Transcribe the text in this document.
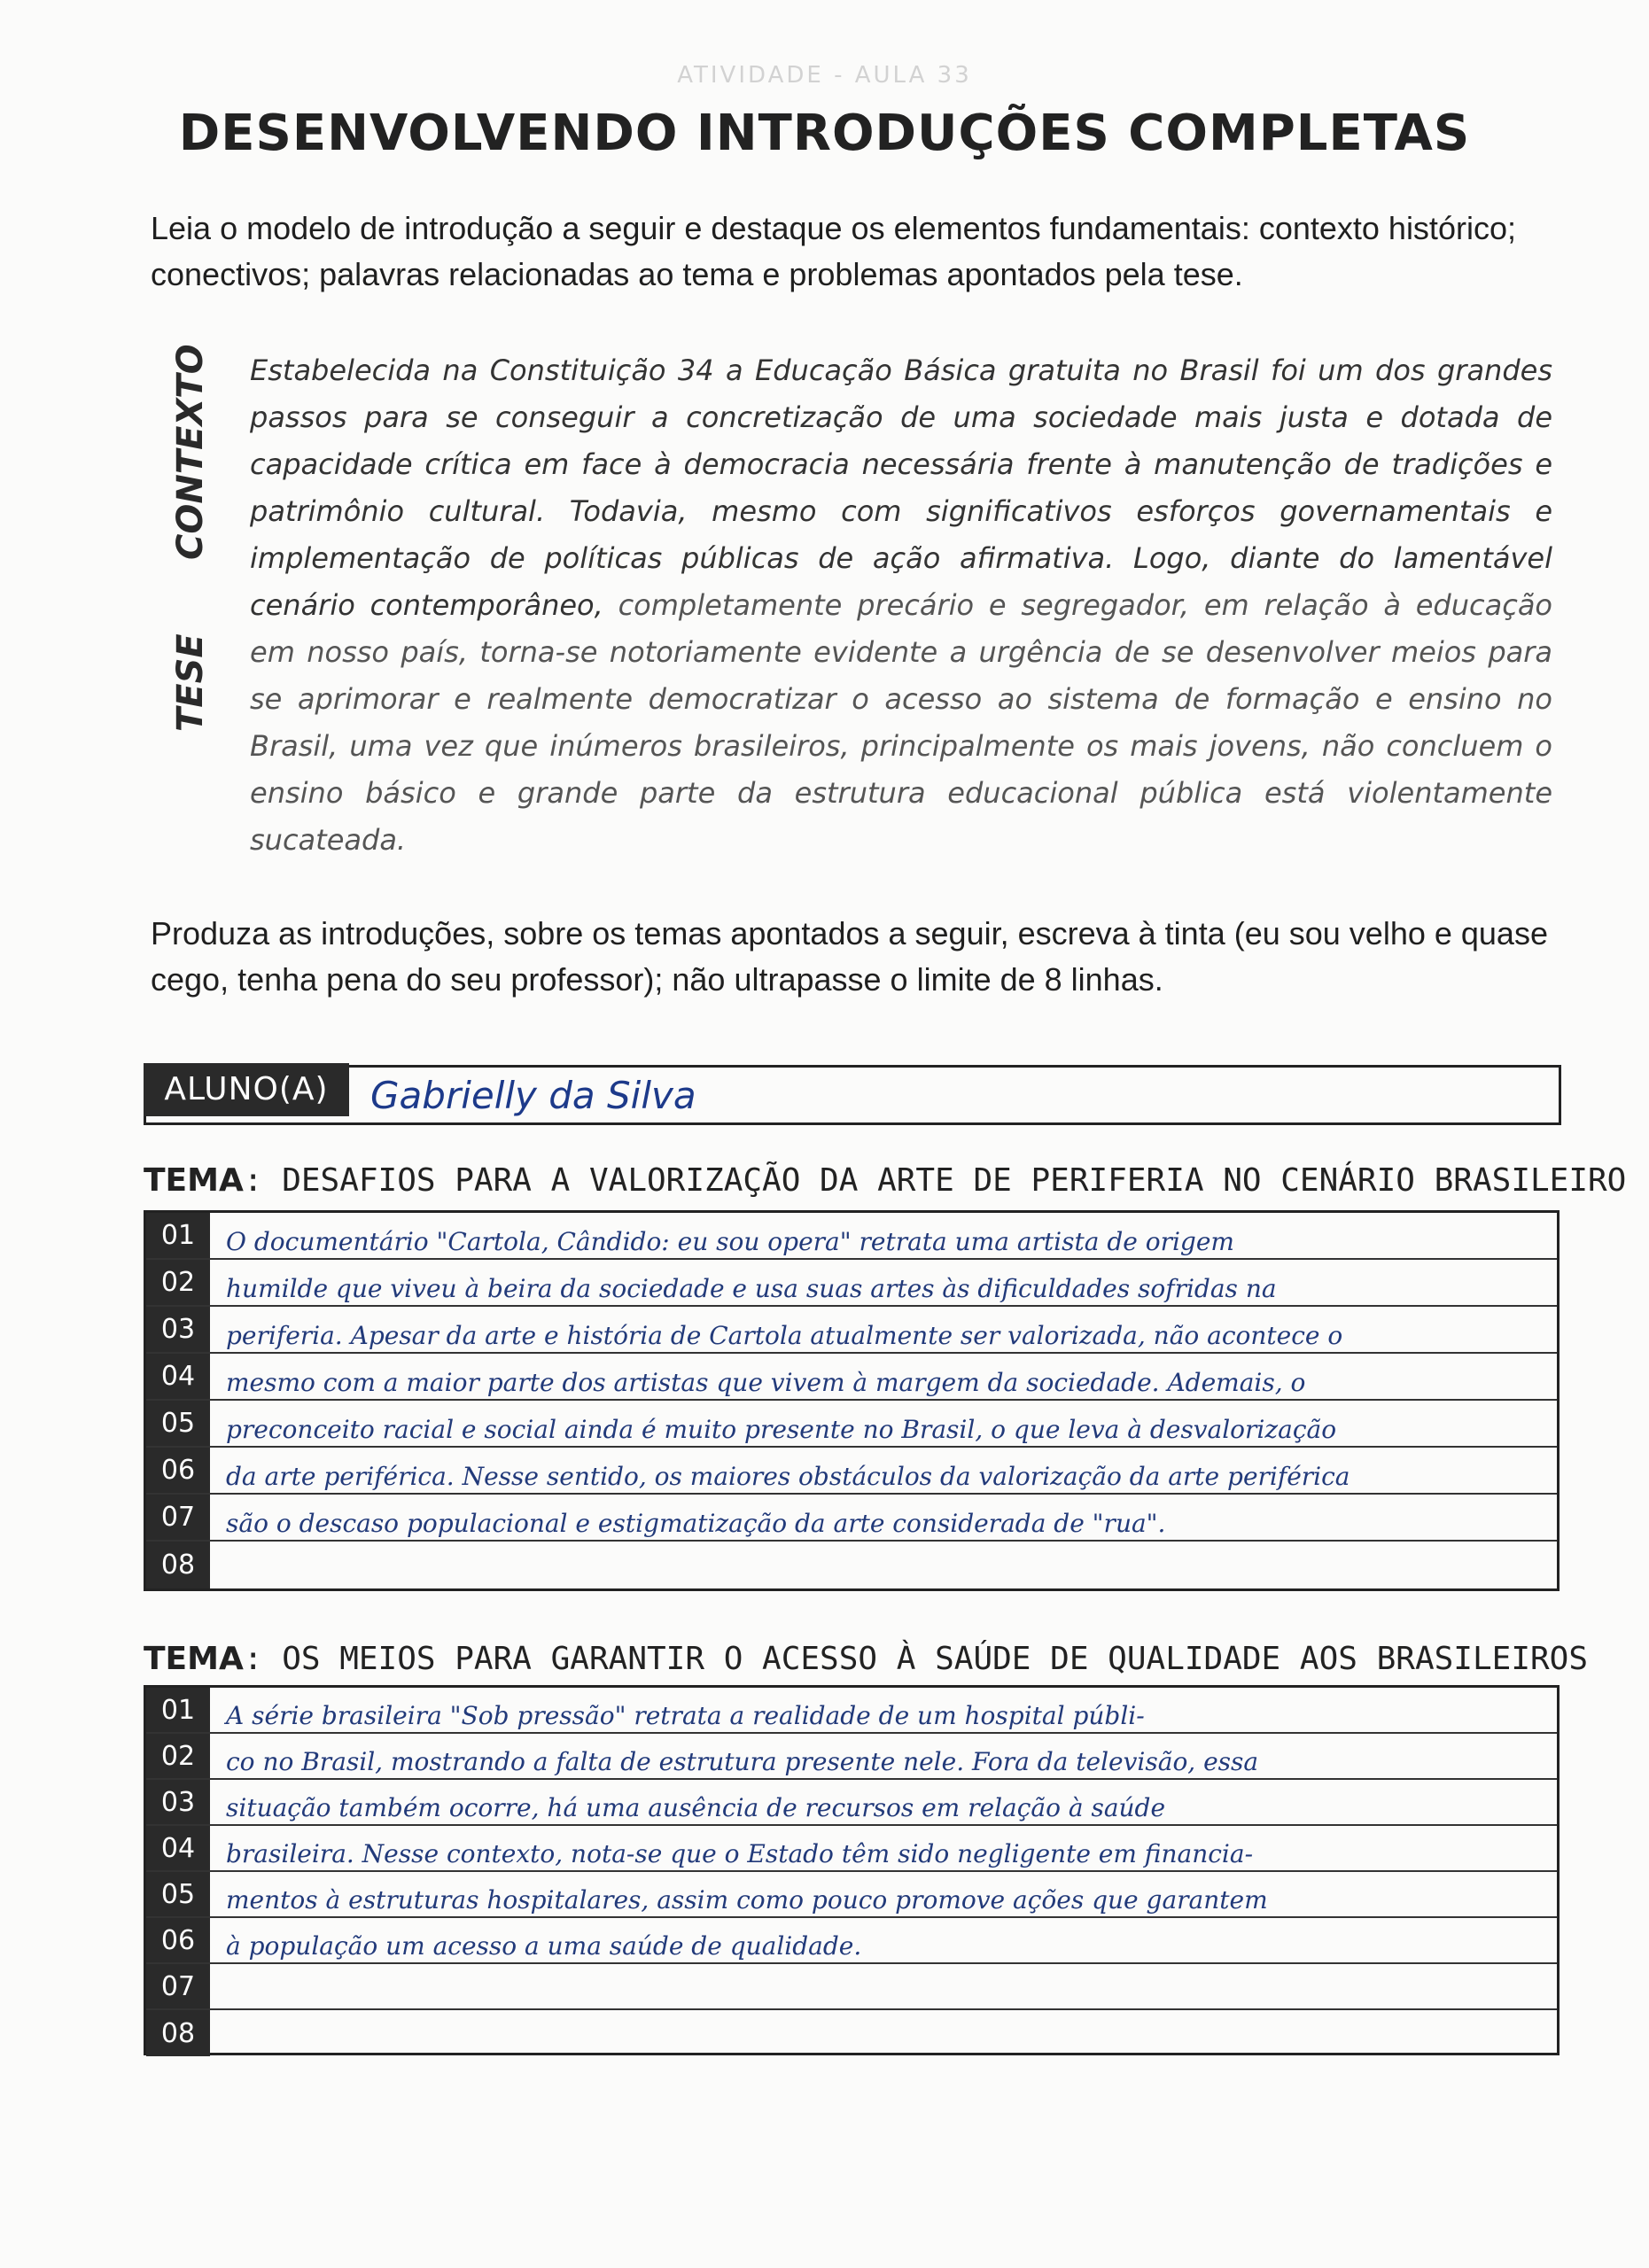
ATIVIDADE - AULA 33
DESENVOLVENDO INTRODUÇÕES COMPLETAS
Leia o modelo de introdução a seguir e destaque os elementos fundamentais: contexto histórico; conectivos; palavras relacionadas ao tema e problemas apontados pela tese.
CONTEXTO
TESE

Estabelecida na Constituição 34 a Educação Básica gratuita no Brasil foi um dos grandes passos para se conseguir a concretização de uma sociedade mais justa e dotada de capacidade crítica em face à democracia necessária frente à manutenção de tradições e patrimônio cultural. Todavia, mesmo com significativos esforços governamentais e implementação de políticas públicas de ação afirmativa. Logo, diante do lamentável cenário contemporâneo, completamente precário e segregador, em relação à educação em nosso país, torna-se notoriamente evidente a urgência de se desenvolver meios para se aprimorar e realmente democratizar o acesso ao sistema de formação e ensino no Brasil, uma vez que inúmeros brasileiros, principalmente os mais jovens, não concluem o ensino básico e grande parte da estrutura educacional pública está violentamente sucateada.

Produza as introduções, sobre os temas apontados a seguir, escreva à tinta (eu sou velho e quase cego, tenha pena do seu professor); não ultrapasse o limite de 8 linhas.
ALUNO(A)	Gabrielly da Silva
TEMA: DESAFIOS PARA A VALORIZAÇÃO DA ARTE DE PERIFERIA NO CENÁRIO BRASILEIRO
01	O documentário "Cartola, Cândido: eu sou opera" retrata uma artista de origem
02	humilde que viveu à beira da sociedade e usa suas artes às dificuldades sofridas na
03	periferia. Apesar da arte e história de Cartola atualmente ser valorizada, não acontece o
04	mesmo com a maior parte dos artistas que vivem à margem da sociedade. Ademais, o
05	preconceito racial e social ainda é muito presente no Brasil, o que leva à desvalorização
06	da arte periférica. Nesse sentido, os maiores obstáculos da valorização da arte periférica
07	são o descaso populacional e estigmatização da arte considerada de "rua".
08
TEMA: OS MEIOS PARA GARANTIR O ACESSO À SAÚDE DE QUALIDADE AOS BRASILEIROS
01	A série brasileira "Sob pressão" retrata a realidade de um hospital públi-
02	co no Brasil, mostrando a falta de estrutura presente nele. Fora da televisão, essa
03	situação também ocorre, há uma ausência de recursos em relação à saúde
04	brasileira. Nesse contexto, nota-se que o Estado têm sido negligente em financia-
05	mentos à estruturas hospitalares, assim como pouco promove ações que garantem
06	à população um acesso a uma saúde de qualidade.
07
08
